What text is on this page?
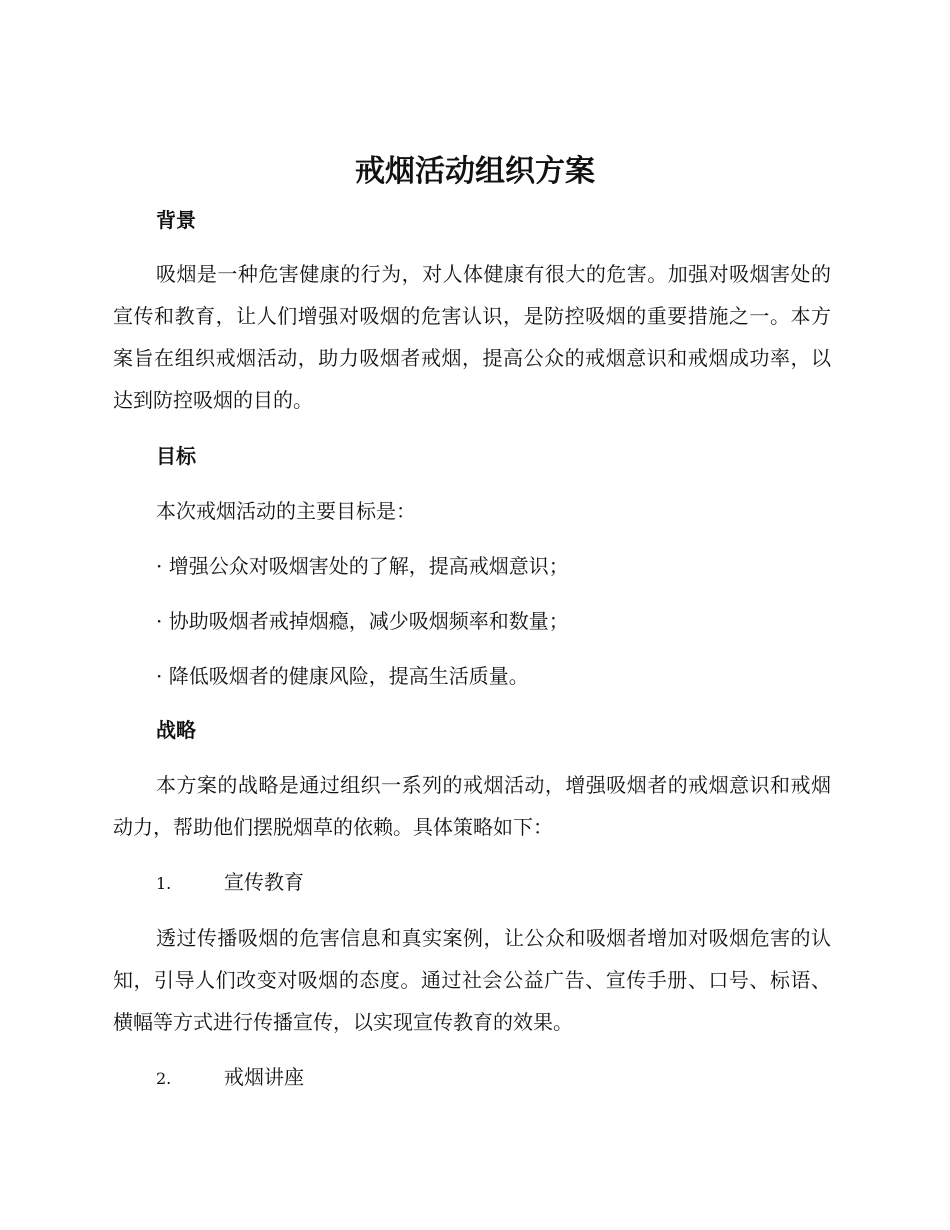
戒烟活动组织方案
背景

吸烟是一种危害健康的行为，对人体健康有很大的危害。加强对吸烟害处的宣传和教育，让人们增强对吸烟的危害认识，是防控吸烟的重要措施之一。本方案旨在组织戒烟活动，助力吸烟者戒烟，提高公众的戒烟意识和戒烟成功率，以达到防控吸烟的目的。

目标

本次戒烟活动的主要目标是：

· 增强公众对吸烟害处的了解，提高戒烟意识；

· 协助吸烟者戒掉烟瘾，减少吸烟频率和数量；

· 降低吸烟者的健康风险，提高生活质量。

战略

本方案的战略是通过组织一系列的戒烟活动，增强吸烟者的戒烟意识和戒烟动力，帮助他们摆脱烟草的依赖。具体策略如下：

1.	宣传教育

透过传播吸烟的危害信息和真实案例，让公众和吸烟者增加对吸烟危害的认知，引导人们改变对吸烟的态度。通过社会公益广告、宣传手册、口号、标语、横幅等方式进行传播宣传，以实现宣传教育的效果。

2.	戒烟讲座
